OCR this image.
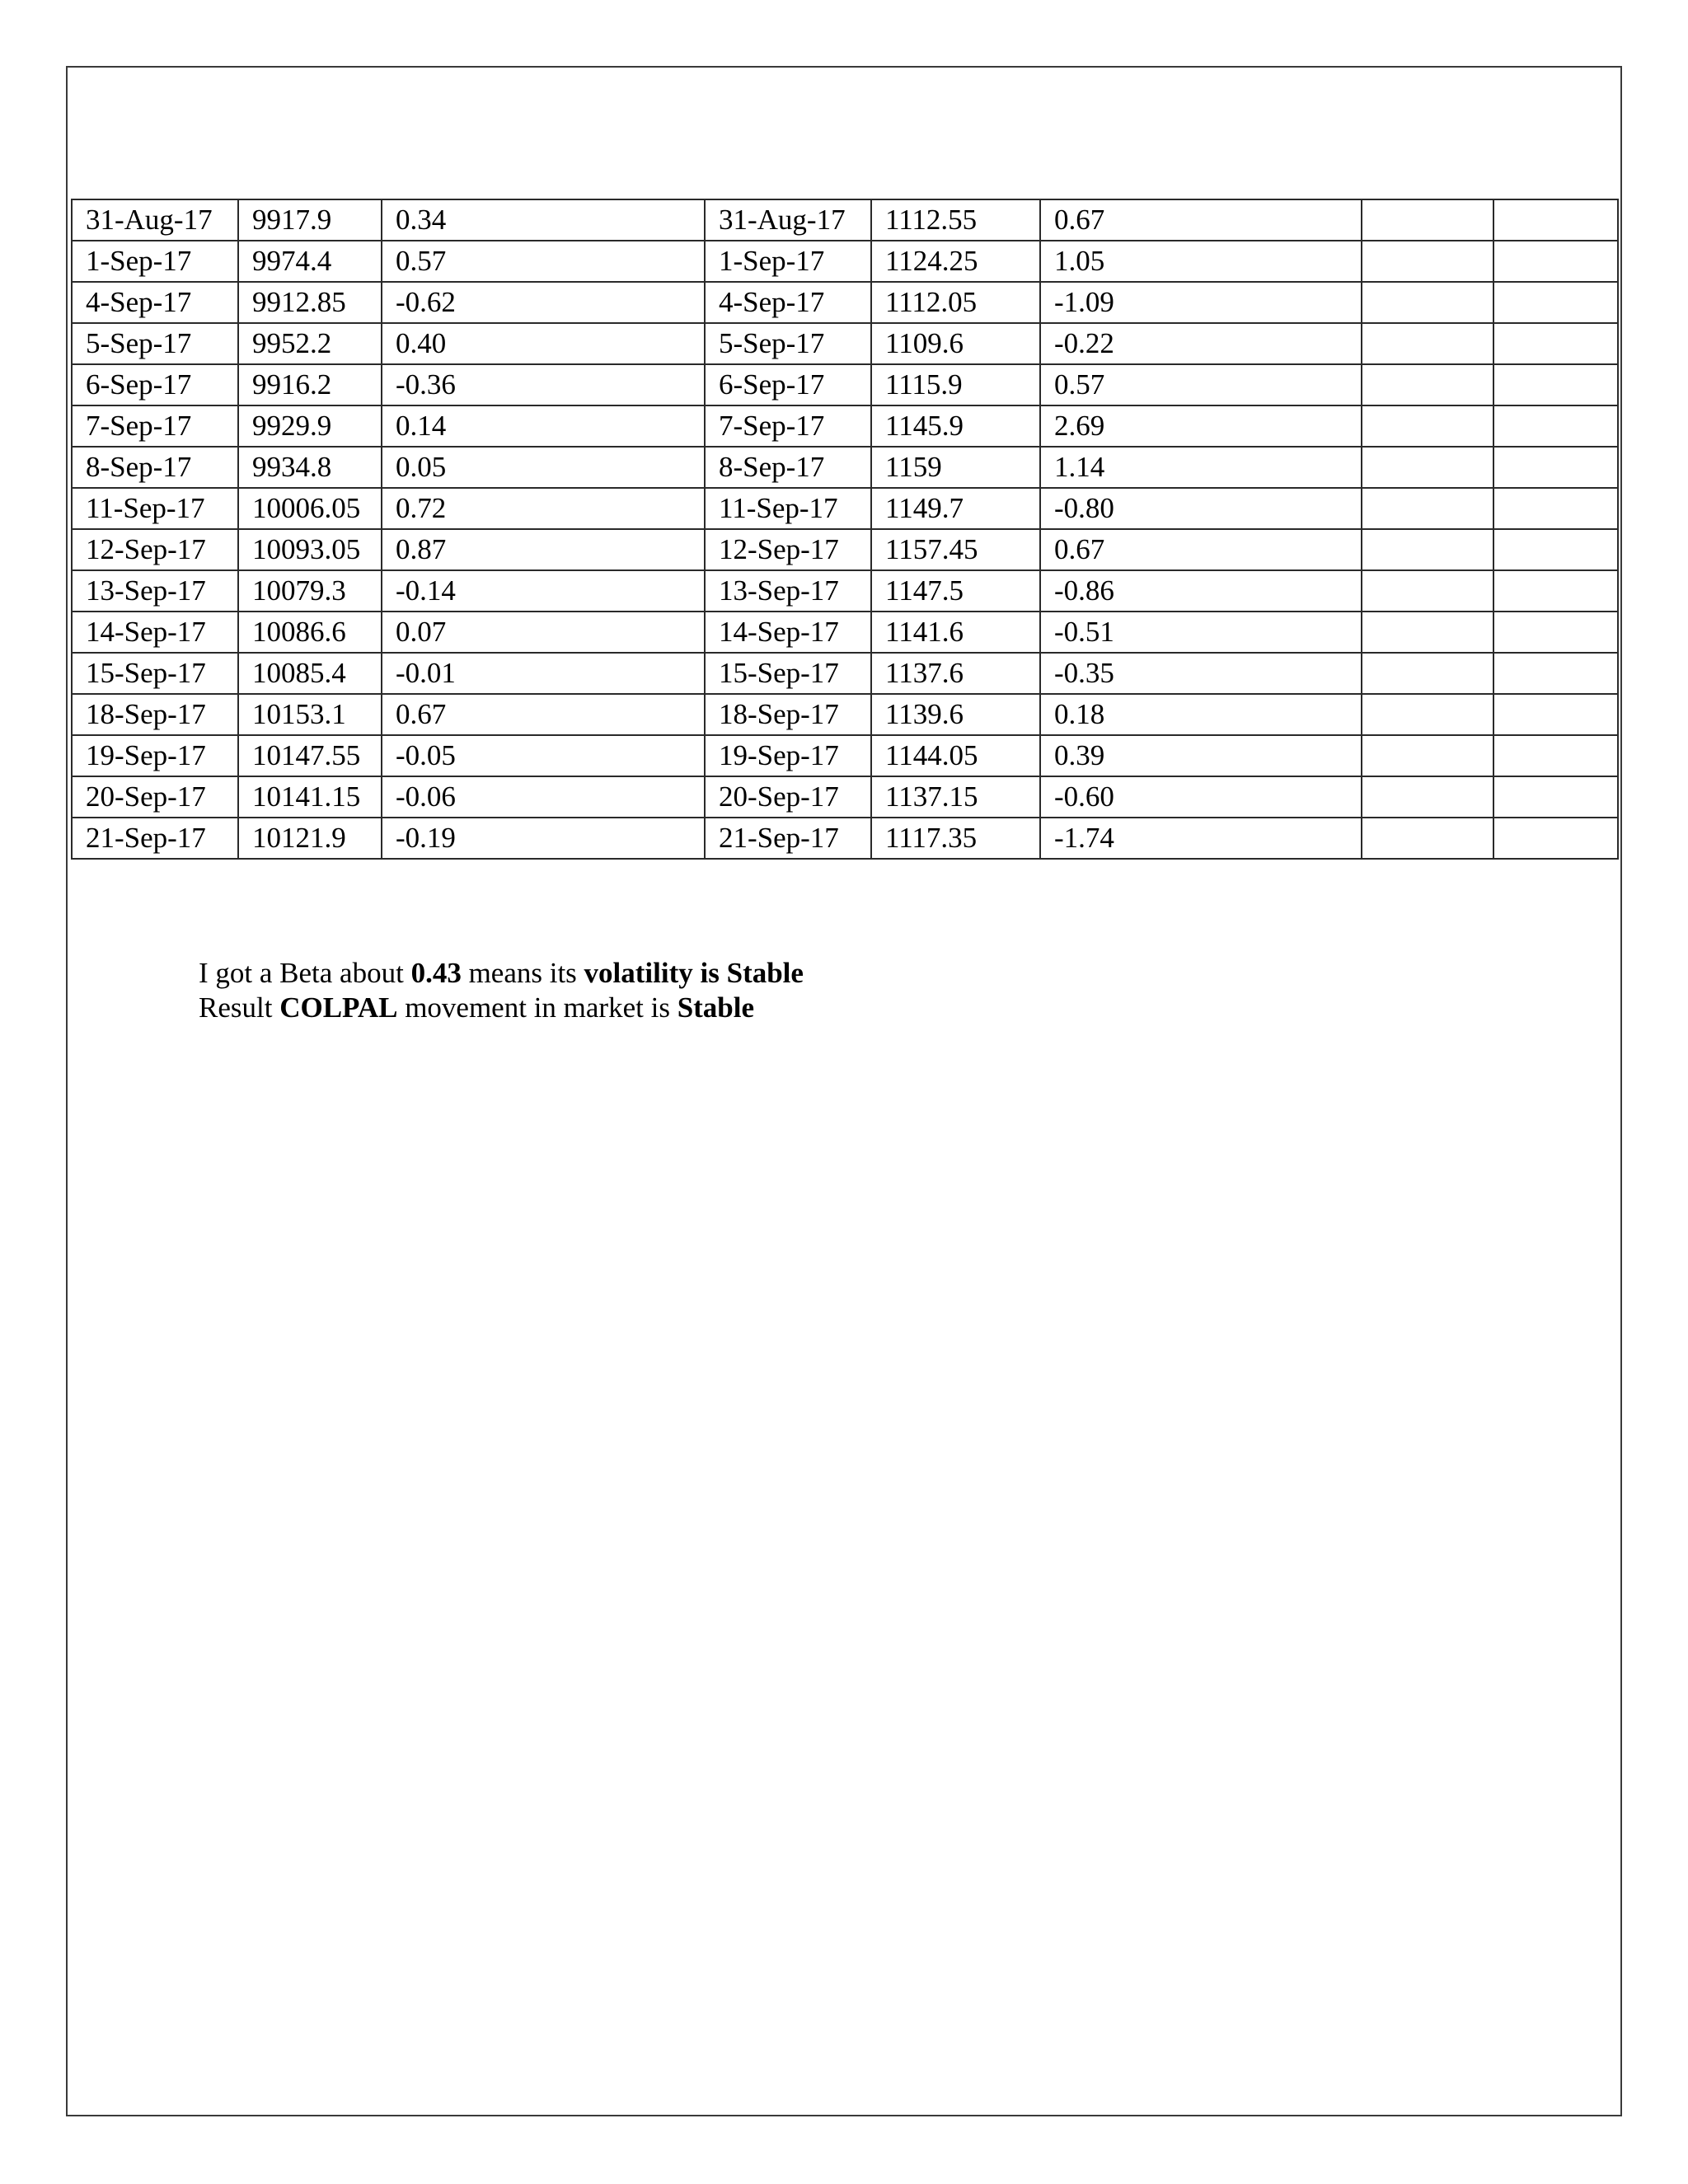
31-Aug-17	9917.9	0.34	31-Aug-17	1112.55	0.67		
1-Sep-17	9974.4	0.57	1-Sep-17	1124.25	1.05		
4-Sep-17	9912.85	-0.62	4-Sep-17	1112.05	-1.09		
5-Sep-17	9952.2	0.40	5-Sep-17	1109.6	-0.22		
6-Sep-17	9916.2	-0.36	6-Sep-17	1115.9	0.57		
7-Sep-17	9929.9	0.14	7-Sep-17	1145.9	2.69		
8-Sep-17	9934.8	0.05	8-Sep-17	1159	1.14		
11-Sep-17	10006.05	0.72	11-Sep-17	1149.7	-0.80		
12-Sep-17	10093.05	0.87	12-Sep-17	1157.45	0.67		
13-Sep-17	10079.3	-0.14	13-Sep-17	1147.5	-0.86		
14-Sep-17	10086.6	0.07	14-Sep-17	1141.6	-0.51		
15-Sep-17	10085.4	-0.01	15-Sep-17	1137.6	-0.35		
18-Sep-17	10153.1	0.67	18-Sep-17	1139.6	0.18		
19-Sep-17	10147.55	-0.05	19-Sep-17	1144.05	0.39		
20-Sep-17	10141.15	-0.06	20-Sep-17	1137.15	-0.60		
21-Sep-17	10121.9	-0.19	21-Sep-17	1117.35	-1.74		
I got a Beta about 0.43 means its volatility is Stable
Result COLPAL movement in market is Stable
